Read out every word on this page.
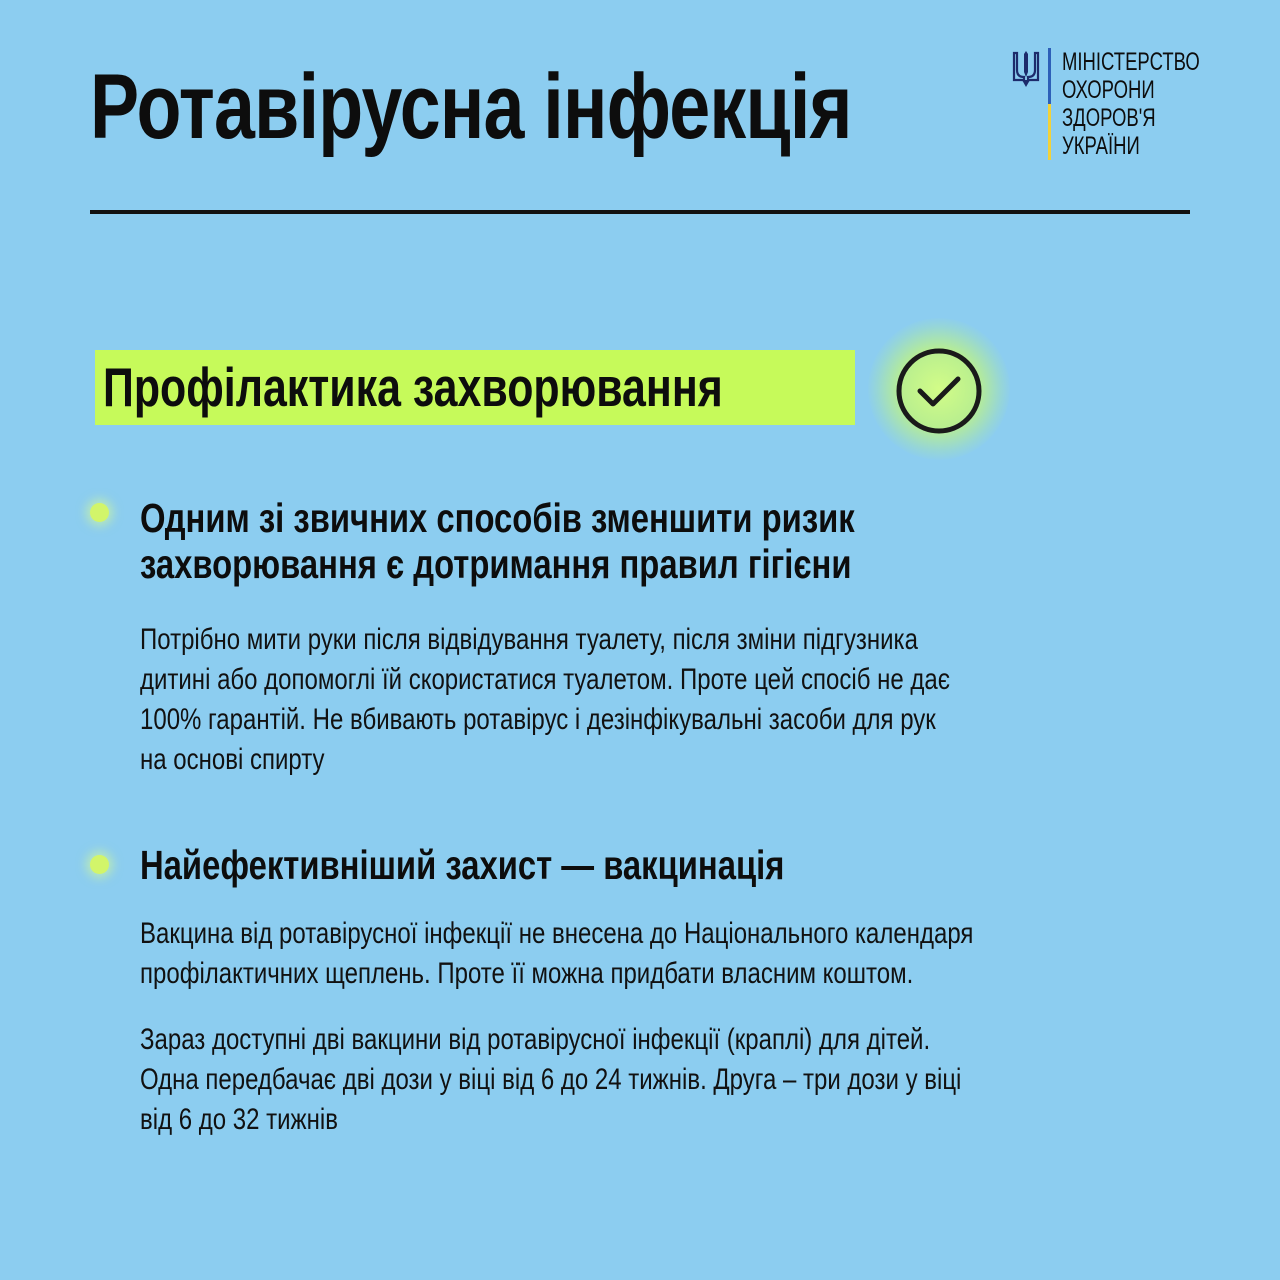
Ротавірусна інфекція	МІНІСТЕРСТВО
ОХОРОНИ
ЗДОРОВ'Я
УКРАЇНИ
Профілактика захворювання
Одним зі звичних способів зменшити ризик
захворювання є дотримання правил гігієни
Потрібно мити руки після відвідування туалету, після зміни підгузника
дитині або допомоглі їй скористатися туалетом. Проте цей спосіб не дає
100% гарантій. Не вбивають ротавірус і дезінфікувальні засоби для рук
на основі спирту
Найефективніший захист — вакцинація
Вакцина від ротавірусної інфекції не внесена до Національного календаря
профілактичних щеплень. Проте її можна придбати власним коштом.
Зараз доступні дві вакцини від ротавірусної інфекції (краплі) для дітей.
Одна передбачає дві дози у віці від 6 до 24 тижнів. Друга – три дози у віці
від 6 до 32 тижнів
